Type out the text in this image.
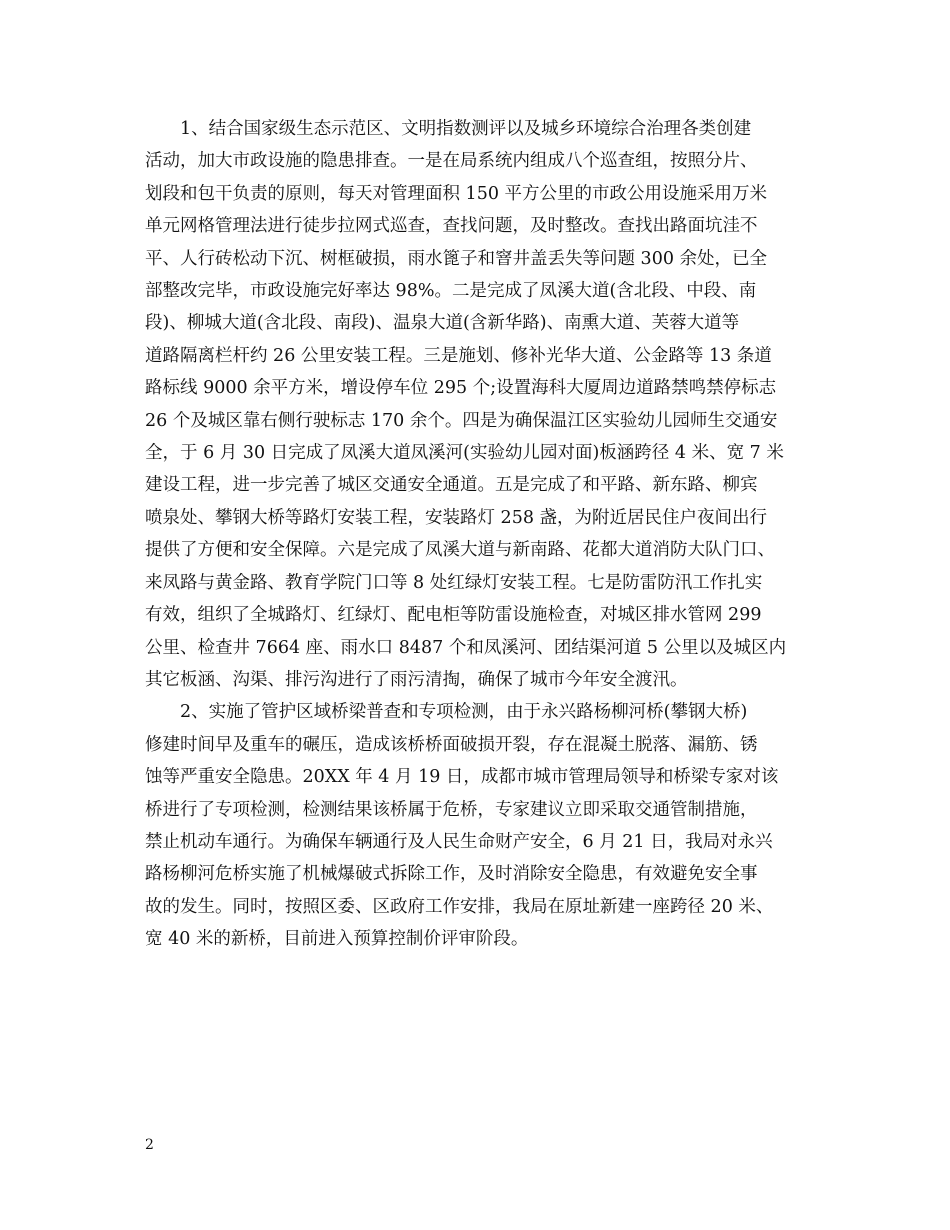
　　1、结合国家级生态示范区、文明指数测评以及城乡环境综合治理各类创建
活动，加大市政设施的隐患排查。一是在局系统内组成八个巡查组，按照分片、
划段和包干负责的原则，每天对管理面积 150 平方公里的市政公用设施采用万米
单元网格管理法进行徒步拉网式巡查，查找问题，及时整改。查找出路面坑洼不
平、人行砖松动下沉、树框破损，雨水篦子和窨井盖丢失等问题 300 余处，已全
部整改完毕，市政设施完好率达 98%。二是完成了凤溪大道(含北段、中段、南
段)、柳城大道(含北段、南段)、温泉大道(含新华路)、南熏大道、芙蓉大道等
道路隔离栏杆约 26 公里安装工程。三是施划、修补光华大道、公金路等 13 条道
路标线 9000 余平方米，增设停车位 295 个;设置海科大厦周边道路禁鸣禁停标志
26 个及城区靠右侧行驶标志 170 余个。四是为确保温江区实验幼儿园师生交通安
全，于 6 月 30 日完成了凤溪大道凤溪河(实验幼儿园对面)板涵跨径 4 米、宽 7 米
建设工程，进一步完善了城区交通安全通道。五是完成了和平路、新东路、柳宾
喷泉处、攀钢大桥等路灯安装工程，安装路灯 258 盏，为附近居民住户夜间出行
提供了方便和安全保障。六是完成了凤溪大道与新南路、花都大道消防大队门口、
来凤路与黄金路、教育学院门口等 8 处红绿灯安装工程。七是防雷防汛工作扎实
有效，组织了全城路灯、红绿灯、配电柜等防雷设施检查，对城区排水管网 299
公里、检查井 7664 座、雨水口 8487 个和凤溪河、团结渠河道 5 公里以及城区内
其它板涵、沟渠、排污沟进行了雨污清掏，确保了城市今年安全渡汛。
　　2、实施了管护区域桥梁普查和专项检测，由于永兴路杨柳河桥(攀钢大桥)
修建时间早及重车的碾压，造成该桥桥面破损开裂，存在混凝土脱落、漏筋、锈
蚀等严重安全隐患。20XX 年 4 月 19 日，成都市城市管理局领导和桥梁专家对该
桥进行了专项检测，检测结果该桥属于危桥，专家建议立即采取交通管制措施，
禁止机动车通行。为确保车辆通行及人民生命财产安全，6 月 21 日，我局对永兴
路杨柳河危桥实施了机械爆破式拆除工作，及时消除安全隐患，有效避免安全事
故的发生。同时，按照区委、区政府工作安排，我局在原址新建一座跨径 20 米、
宽 40 米的新桥，目前进入预算控制价评审阶段。
2
